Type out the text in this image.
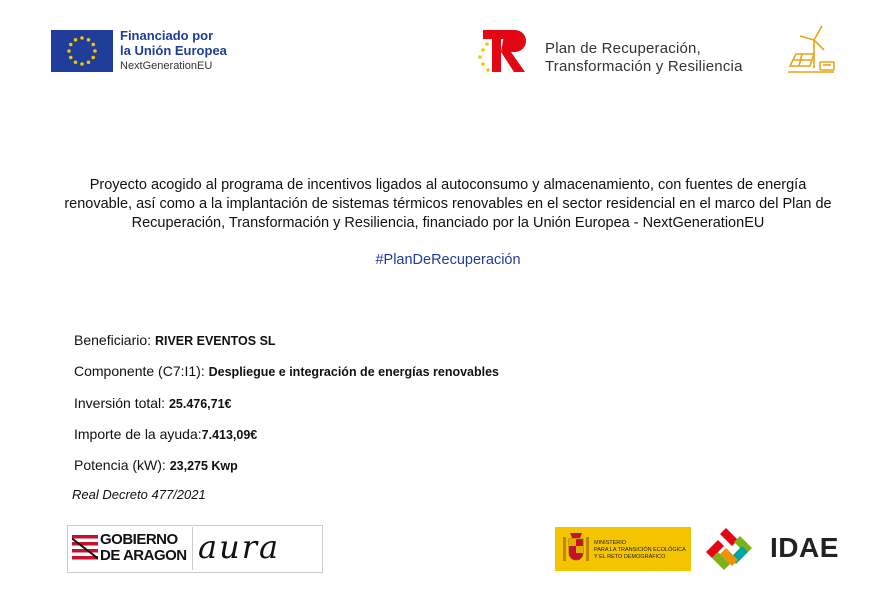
Financiado por
la Unión Europea
NextGenerationEU
Plan de Recuperación,
Transformación y Resiliencia
Proyecto acogido al programa de incentivos ligados al autoconsumo y almacenamiento, con fuentes de energía renovable, así como a la implantación de sistemas térmicos renovables en el sector residencial en el marco del Plan de Recuperación, Transformación y Resiliencia, financiado por la Unión Europea - NextGenerationEU
#PlanDeRecuperación
Beneficiario: RIVER EVENTOS SL
Componente (C7:I1): Despliegue e integración de energías renovables
Inversión total: 25.476,71€
Importe de la ayuda:7.413,09€
Potencia (kW): 23,275 Kwp
Real Decreto 477/2021
GOBIERNO
DE ARAGON aura	MINISTERIO
PARA LA TRANSICIÓN ECOLÓGICA
Y EL RETO DEMOGRÁFICO	IDAE
